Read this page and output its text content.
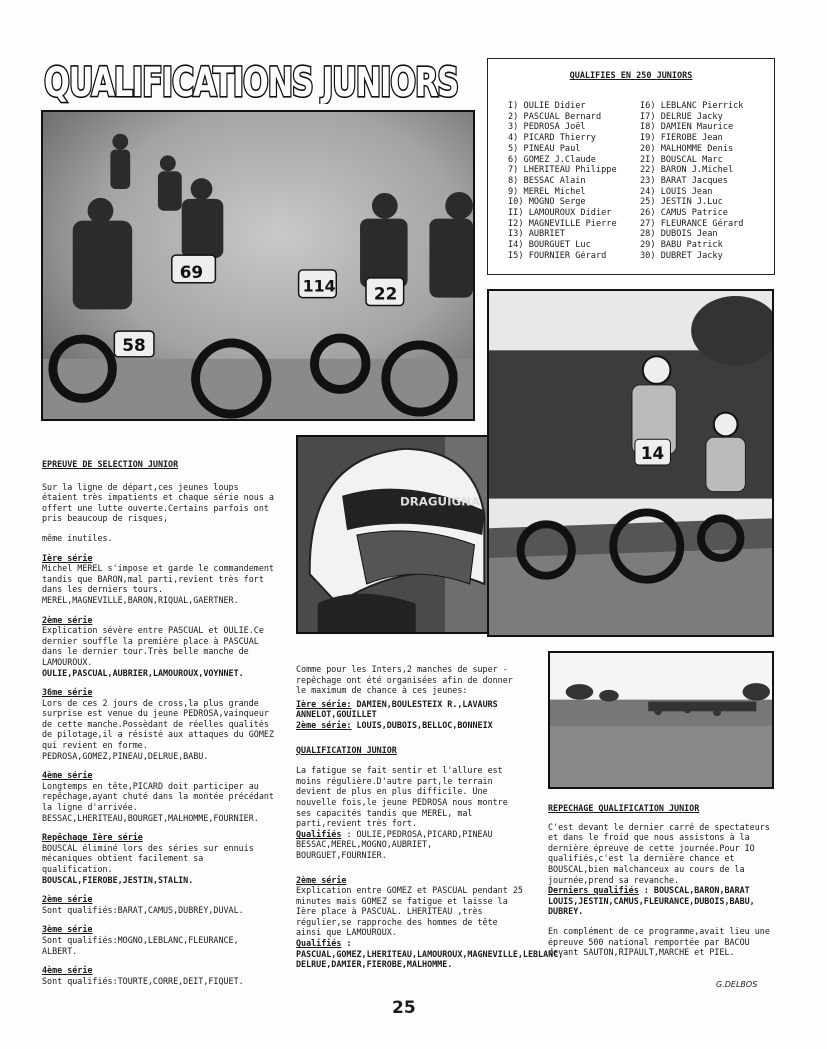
QUALIFICATIONS JUNIORS	QUALIFIES EN 250 JUNIORS
I) OULIE Didier
2) PASCUAL Bernard
3) PEDROSA Joël
4) PICARD Thierry
5) PINEAU Paul
6) GOMEZ J.Claude
7) LHERITEAU Philippe
8) BESSAC Alain
9) MEREL Michel
I0) MOGNO Serge
II) LAMOUROUX Didier
I2) MAGNEVILLE Pierre
I3) AUBRIET
I4) BOURGUET Luc
I5) FOURNIER Gérard
I6) LEBLANC Pierrick
I7) DELRUE Jacky
I8) DAMIEN Maurice
I9) FIEROBE Jean
20) MALHOMME Denis
2I) BOUSCAL Marc
22) BARON J.Michel
23) BARAT Jacques
24) LOUIS Jean
25) JESTIN J.Luc
26) CAMUS Patrice
27) FLEURANCE Gérard
28) DUBOIS Jean
29) BABU Patrick
30) DUBRET Jacky
69
114 22
58
DRAGUIGNA
14
EPREUVE DE SELECTION JUNIOR

Sur la ligne de départ,ces jeunes loups étaient très impatients et chaque série nous a offert une lutte ouverte.Certains parfois ont pris beaucoup de risques,

même inutiles.

Ière série
Michel MEREL s'impose et garde le commandement tandis que BARON,mal parti,revient très fort dans les derniers tours.
MEREL,MAGNEVILLE,BARON,RIQUAL,GAERTNER.

2ème série
Explication sévère entre PASCUAL et OULIE.Ce dernier souffle la première place à PASCUAL dans le dernier tour.Très belle manche de LAMOUROUX.
OULIE,PASCUAL,AUBRIER,LAMOUROUX,VOYNNET.

36me série
Lors de ces 2 jours de cross,la plus grande surprise est venue du jeune PEDROSA,vainqueur de cette manche.Possèdant de réelles qualités de pilotage,il a résisté aux attaques du GOMEZ qui revient en forme.
PEDROSA,GOMEZ,PINEAU,DELRUE,BABU.

4ème série
Longtemps en tête,PICARD doit participer au repêchage,ayant chuté dans la montée précédant la ligne d'arrivée.
BESSAC,LHERITEAU,BOURGET,MALHOMME,FOURNIER.

Repêchage Ière série
BOUSCAL éliminé lors des séries sur ennuis mécaniques obtient facilement sa qualification.
BOUSCAL,FIEROBE,JESTIN,STALIN.

2ème série
Sont qualifiés:BARAT,CAMUS,DUBREY,DUVAL.

3ème série
Sont qualifiés:MOGNO,LEBLANC,FLEURANCE, ALBERT.

4ème série
Sont qualifiés:TOURTE,CORRE,DEIT,FIQUET.

Comme pour les Inters,2 manches de super - repêchage ont été organisées afin de donner le maximum de chance à ces jeunes:

Ière série: DAMIEN,BOULESTEIX R.,LAVAURS ANNELOT,GOUILLET
2ème série: LOUIS,DUBOIS,BELLOC,BONNEIX

QUALIFICATION JUNIOR

La fatigue se fait sentir et l'allure est moins régulière.D'autre part,le terrain devient de plus en plus difficile. Une nouvelle fois,le jeune PEDROSA nous montre ses capacités tandis que MEREL, mal parti,revient très fort.

Qualifiés : OULIE,PEDROSA,PICARD,PINEAU BESSAC,MEREL,MOGNO,AUBRIET, BOURGUET,FOURNIER.

2ème série
Explication entre GOMEZ et PASCUAL pendant 25 minutes mais GOMEZ se fatigue et laisse la Ière place à PASCUAL. LHERITEAU ,très régulier,se rapproche des hommes de tête ainsi que LAMOUROUX.
Qualifiés : PASCUAL,GOMEZ,LHERITEAU,LAMOUROUX,MAGNEVILLE,LEBLANC, DELRUE,DAMIER,FIEROBE,MALHOMME.

REPECHAGE QUALIFICATION JUNIOR

C'est devant le dernier carré de spectateurs et dans le froid que nous assistons à la dernière épreuve de cette journée.Pour IO qualifiés,c'est la dernière chance et BOUSCAL,bien malchanceux au cours de la journée,prend sa revanche.

Derniers qualifiés : BOUSCAL,BARON,BARAT LOUIS,JESTIN,CAMUS,FLEURANCE,DUBOIS,BABU, DUBREY.

En complément de ce programme,avait lieu une épreuve 500 national remportée par BACOU devant SAUTON,RIPAULT,MARCHE et PIEL.

G.DELBOS
25
